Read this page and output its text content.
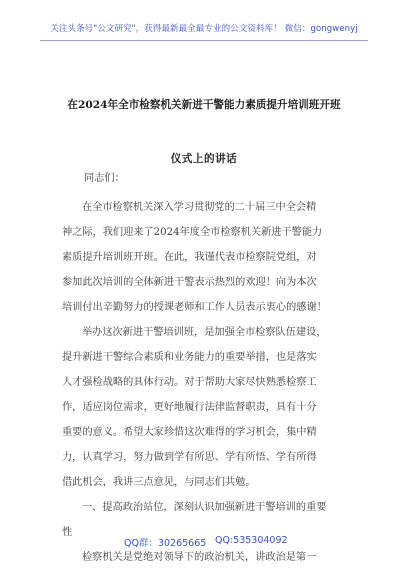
关注头条号"公文研究"，获得最新最全最专业的公文资料库！ 微信：gongwenyj
在2024年全市检察机关新进干警能力素质提升培训班开班
仪式上的讲话
同志们：
在全市检察机关深入学习贯彻党的二十届三中全会精
神之际，我们迎来了2024年度全市检察机关新进干警能力
素质提升培训班开班。在此，我谨代表市检察院党组，对
参加此次培训的全体新进干警表示热烈的欢迎！向为本次
培训付出辛勤努力的授课老师和工作人员表示衷心的感谢！
举办这次新进干警培训班，是加强全市检察队伍建设，
提升新进干警综合素质和业务能力的重要举措，也是落实
人才强检战略的具体行动。对于帮助大家尽快熟悉检察工
作，适应岗位需求，更好地履行法律监督职责，具有十分
重要的意义。希望大家珍惜这次难得的学习机会，集中精
力，认真学习，努力做到学有所思、学有所悟、学有所得
借此机会，我讲三点意见，与同志们共勉。
一、提高政治站位，深刻认识加强新进干警培训的重要
性
检察机关是党绝对领导下的政治机关，讲政治是第一
QQ群：30265665 QQ:535304092
